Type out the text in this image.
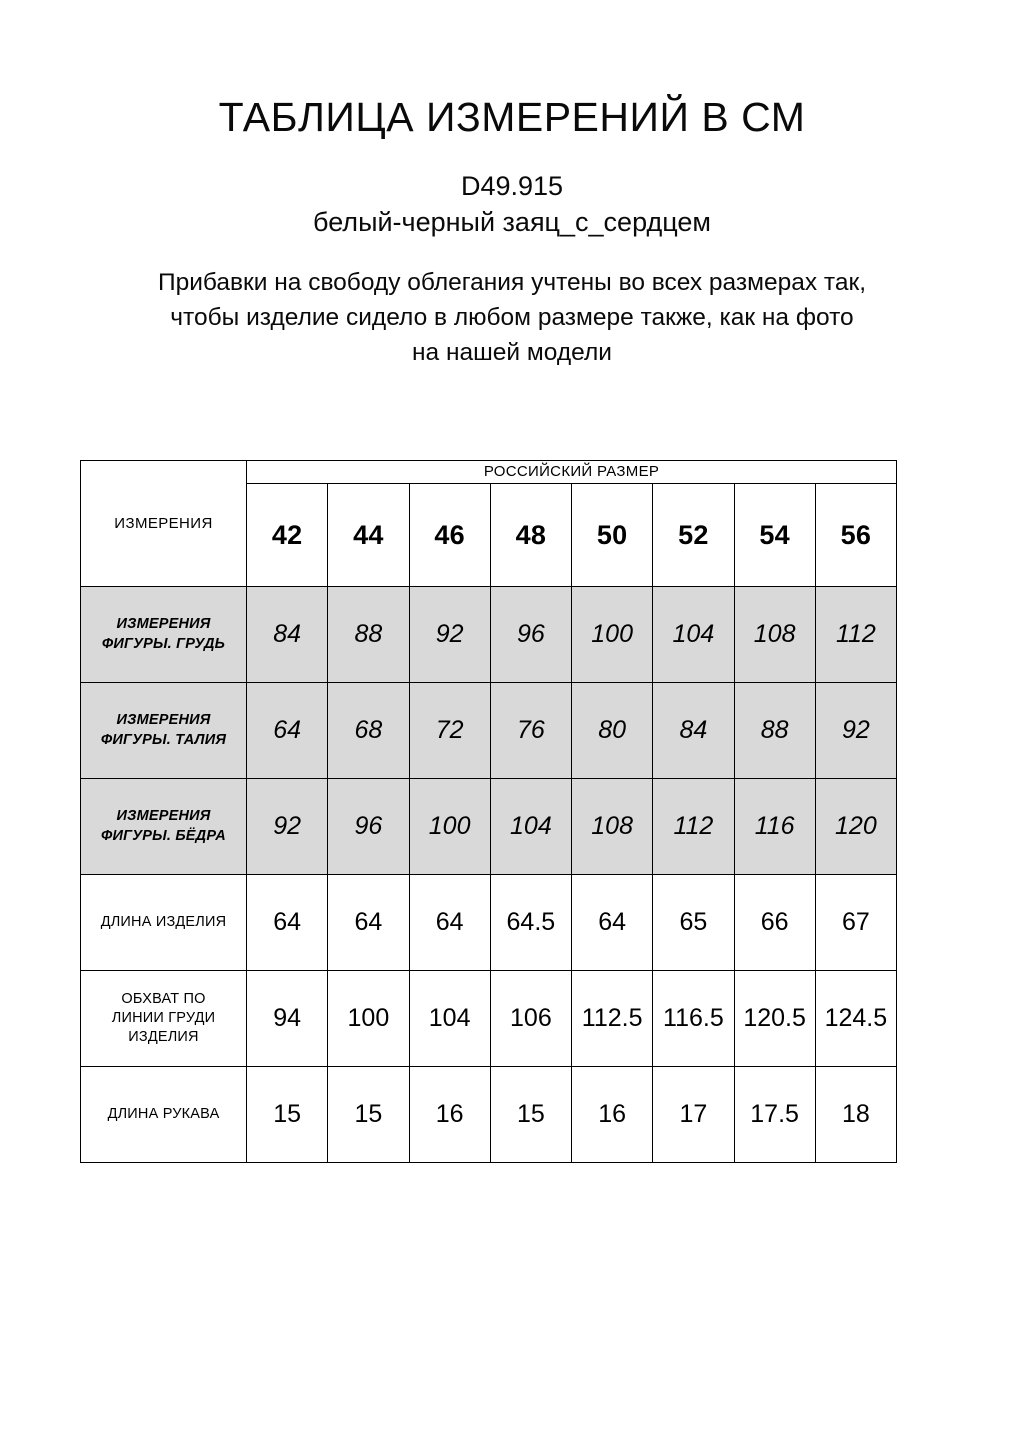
ТАБЛИЦА ИЗМЕРЕНИЙ В СМ
D49.915
белый-черный заяц_с_сердцем

Прибавки на свободу облегания учтены во всех размерах так,
чтобы изделие сидело в любом размере также, как на фото
на нашей модели

ИЗМЕРЕНИЯ	РОССИЙСКИЙ РАЗМЕР							
	42	44	46	48	50	52	54	56
ИЗМЕРЕНИЯ
ФИГУРЫ. ГРУДЬ	84	88	92	96	100	104	108	112
ИЗМЕРЕНИЯ
ФИГУРЫ. ТАЛИЯ	64	68	72	76	80	84	88	92
ИЗМЕРЕНИЯ
ФИГУРЫ. БЁДРА	92	96	100	104	108	112	116	120
ДЛИНА ИЗДЕЛИЯ	64	64	64	64.5	64	65	66	67
ОБХВАТ ПО
ЛИНИИ ГРУДИ
ИЗДЕЛИЯ	94	100	104	106	112.5	116.5	120.5	124.5
ДЛИНА РУКАВА	15	15	16	15	16	17	17.5	18
